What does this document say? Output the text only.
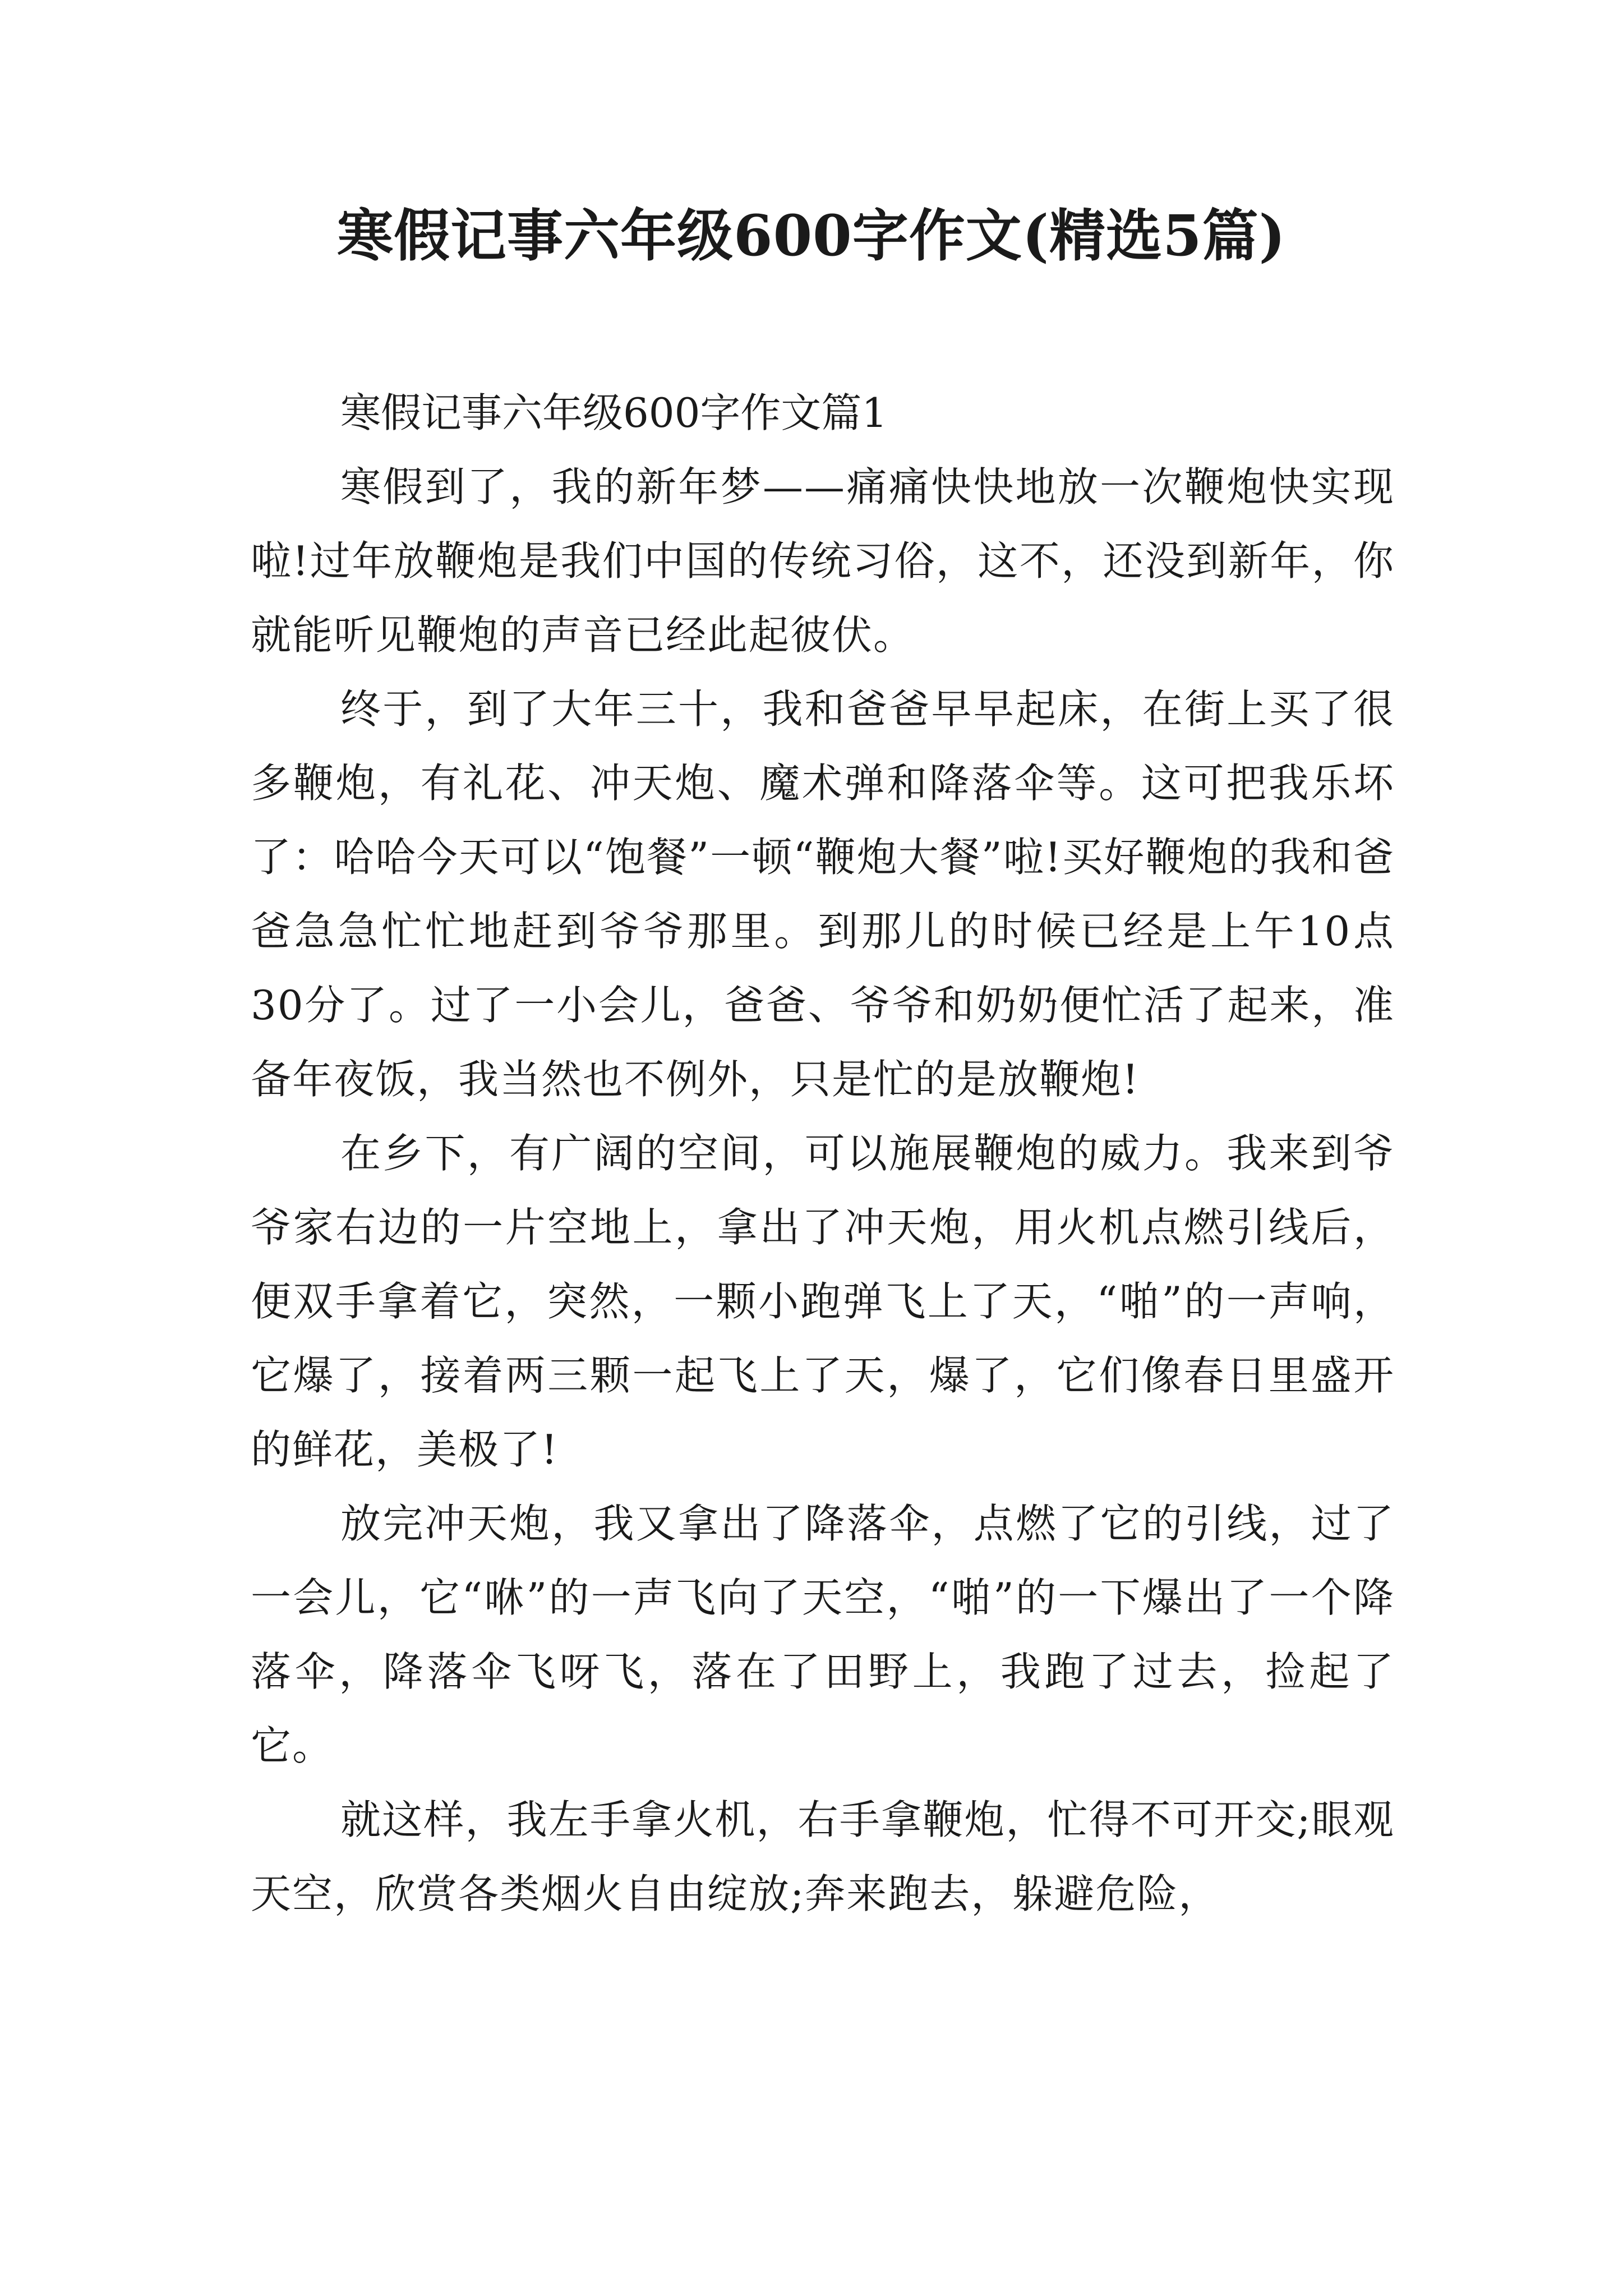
寒假记事六年级600字作文(精选5篇)

寒假记事六年级600字作文篇1

寒假到了，我的新年梦——痛痛快快地放一次鞭炮快实现啦!过年放鞭炮是我们中国的传统习俗，这不，还没到新年，你就能听见鞭炮的声音已经此起彼伏。

终于，到了大年三十，我和爸爸早早起床，在街上买了很多鞭炮，有礼花、冲天炮、魔术弹和降落伞等。这可把我乐坏了：哈哈今天可以“饱餐”一顿“鞭炮大餐”啦!买好鞭炮的我和爸爸急急忙忙地赶到爷爷那里。到那儿的时候已经是上午10点30分了。过了一小会儿，爸爸、爷爷和奶奶便忙活了起来，准备年夜饭，我当然也不例外，只是忙的是放鞭炮!

在乡下，有广阔的空间，可以施展鞭炮的威力。我来到爷爷家右边的一片空地上，拿出了冲天炮，用火机点燃引线后，便双手拿着它，突然，一颗小跑弹飞上了天，“啪”的一声响，它爆了，接着两三颗一起飞上了天，爆了，它们像春日里盛开的鲜花，美极了!

放完冲天炮，我又拿出了降落伞，点燃了它的引线，过了一会儿，它“咻”的一声飞向了天空，“啪”的一下爆出了一个降落伞，降落伞飞呀飞，落在了田野上，我跑了过去，捡起了它。

就这样，我左手拿火机，右手拿鞭炮，忙得不可开交;眼观天空，欣赏各类烟火自由绽放;奔来跑去，躲避危险，
